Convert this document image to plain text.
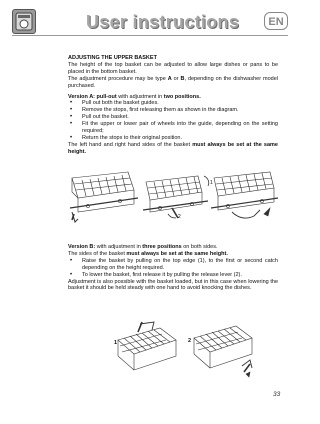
User instructions	EN

ADJUSTING THE UPPER BASKET

The height of the top basket can be adjusted to allow large dishes or pans to be placed in the bottom basket.

The adjustment procedure may be type A or B, depending on the dishwasher model purchased.

Version A: pull-out with adjustment in two positions.

• Pull out both the basket guides.
• Remove the stops, first releasing them as shown in the diagram.
• Pull out the basket.
• Fit the upper or lower pair of wheels into the guide, depending on the setting required;
• Return the stops to their original position.

The left hand and right hand sides of the basket must always be set at the same height.

1
2

Version B: with adjustment in three positions on both sides.

The sides of the basket must always be set at the same height.

• Raise the basket by pulling on the top edge (1), to the first or second catch depending on the height required.
• To lower the basket, first release it by pulling the release lever (2).

Adjustment is also possible with the basket loaded, but in this case when lowering the basket it should be held steady with one hand to avoid knocking the dishes.

1	2
33
